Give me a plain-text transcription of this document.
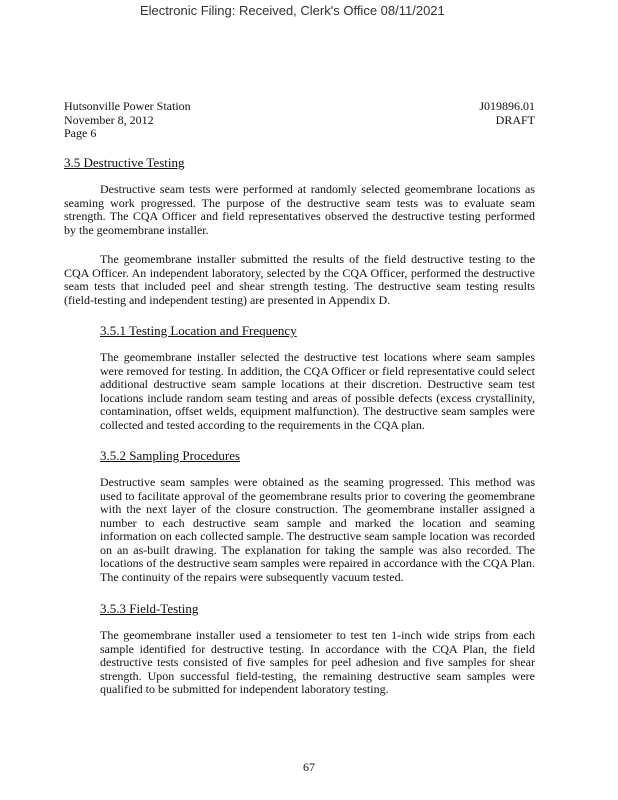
Electronic Filing: Received, Clerk's Office 08/11/2021
Hutsonville Power Station
November 8, 2012
Page 6
J019896.01
DRAFT
3.5 Destructive Testing
Destructive seam tests were performed at randomly selected geomembrane locations as seaming work progressed. The purpose of the destructive seam tests was to evaluate seam strength. The CQA Officer and field representatives observed the destructive testing performed by the geomembrane installer.
The geomembrane installer submitted the results of the field destructive testing to the CQA Officer. An independent laboratory, selected by the CQA Officer, performed the destructive seam tests that included peel and shear strength testing. The destructive seam testing results (field-testing and independent testing) are presented in Appendix D.
3.5.1 Testing Location and Frequency
The geomembrane installer selected the destructive test locations where seam samples were removed for testing. In addition, the CQA Officer or field representative could select additional destructive seam sample locations at their discretion. Destructive seam test locations include random seam testing and areas of possible defects (excess crystallinity, contamination, offset welds, equipment malfunction). The destructive seam samples were collected and tested according to the requirements in the CQA plan.
3.5.2 Sampling Procedures
Destructive seam samples were obtained as the seaming progressed. This method was used to facilitate approval of the geomembrane results prior to covering the geomembrane with the next layer of the closure construction. The geomembrane installer assigned a number to each destructive seam sample and marked the location and seaming information on each collected sample. The destructive seam sample location was recorded on an as-built drawing. The explanation for taking the sample was also recorded. The locations of the destructive seam samples were repaired in accordance with the CQA Plan. The continuity of the repairs were subsequently vacuum tested.
3.5.3 Field-Testing
The geomembrane installer used a tensiometer to test ten 1-inch wide strips from each sample identified for destructive testing. In accordance with the CQA Plan, the field destructive tests consisted of five samples for peel adhesion and five samples for shear strength. Upon successful field-testing, the remaining destructive seam samples were qualified to be submitted for independent laboratory testing.
67
